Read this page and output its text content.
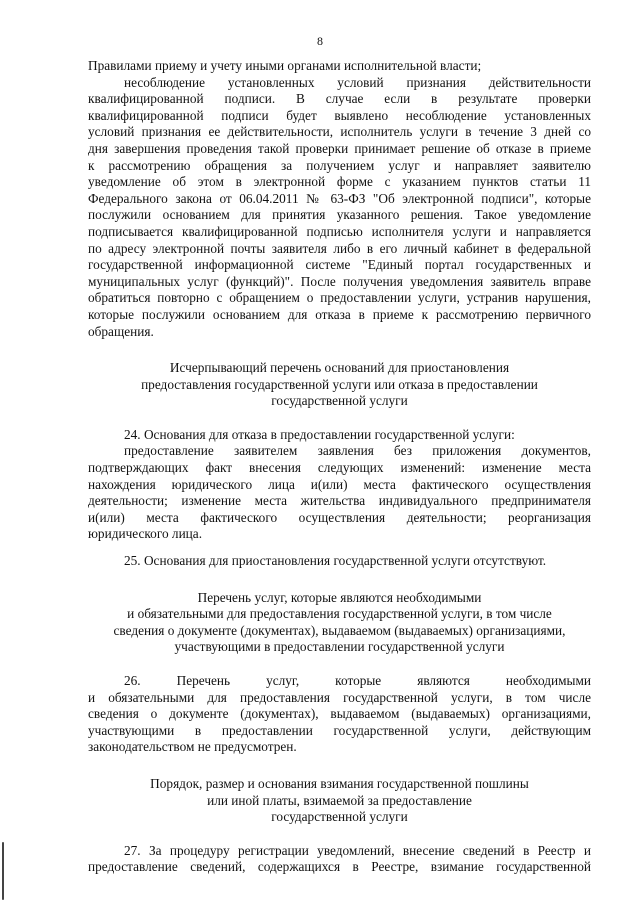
8
Правилами приему и учету иными органами исполнительной власти;
несоблюдение установленных условий признания действительности
квалифицированной подписи. В случае если в результате проверки
квалифицированной подписи будет выявлено несоблюдение установленных
условий признания ее действительности, исполнитель услуги в течение 3 дней со
дня завершения проведения такой проверки принимает решение об отказе в приеме
к рассмотрению обращения за получением услуг и направляет заявителю
уведомление об этом в электронной форме с указанием пунктов статьи 11
Федерального закона от 06.04.2011 № 63-ФЗ "Об электронной подписи", которые
послужили основанием для принятия указанного решения. Такое уведомление
подписывается квалифицированной подписью исполнителя услуги и направляется
по адресу электронной почты заявителя либо в его личный кабинет в федеральной
государственной информационной системе "Единый портал государственных и
муниципальных услуг (функций)". После получения уведомления заявитель вправе
обратиться повторно с обращением о предоставлении услуги, устранив нарушения,
которые послужили основанием для отказа в приеме к рассмотрению первичного
обращения.
Исчерпывающий перечень оснований для приостановления
предоставления государственной услуги или отказа в предоставлении
государственной услуги
24. Основания для отказа в предоставлении государственной услуги:
предоставление заявителем заявления без приложения документов,
подтверждающих факт внесения следующих изменений: изменение места
нахождения юридического лица и(или) места фактического осуществления
деятельности; изменение места жительства индивидуального предпринимателя
и(или) места фактического осуществления деятельности; реорганизация
юридического лица.
25. Основания для приостановления государственной услуги отсутствуют.
Перечень услуг, которые являются необходимыми
и обязательными для предоставления государственной услуги, в том числе
сведения о документе (документах), выдаваемом (выдаваемых) организациями,
участвующими в предоставлении государственной услуги
26. Перечень услуг, которые являются необходимыми
и обязательными для предоставления государственной услуги, в том числе
сведения о документе (документах), выдаваемом (выдаваемых) организациями,
участвующими в предоставлении государственной услуги, действующим
законодательством не предусмотрен.
Порядок, размер и основания взимания государственной пошлины
или иной платы, взимаемой за предоставление
государственной услуги
27. За процедуру регистрации уведомлений, внесение сведений в Реестр и
предоставление сведений, содержащихся в Реестре, взимание государственной
